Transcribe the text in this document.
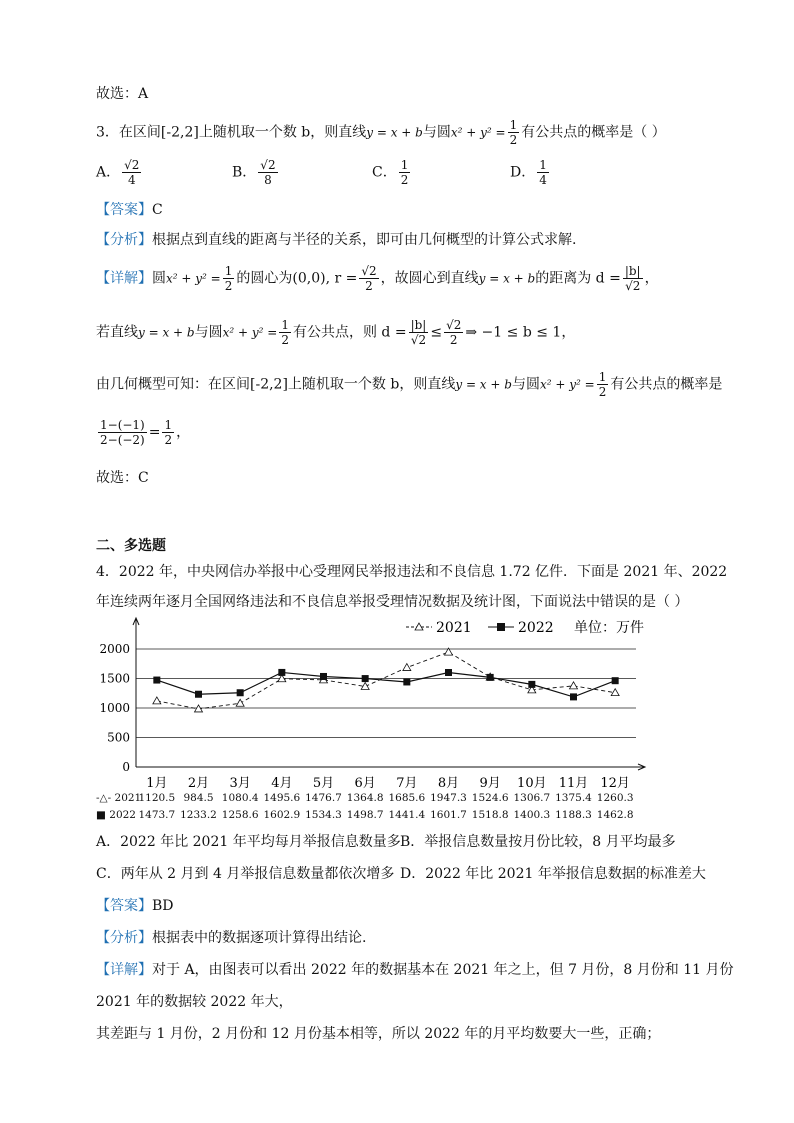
故选：A
3．在区间[-2,2]上随机取一个数 b，则直线y = x + b与圆$x^2 + y^2 = \frac{1}{2}$ 有公共点的概率是（ ）
A． $\frac{√2}{4}$	B． $\frac{√2}{8}$	C． $\frac{1}{2}$	D． $\frac{1}{4}$
【答案】C
【分析】根据点到直线的距离与半径的关系，即可由几何概型的计算公式求解.
【详解】圆$x^2 + y^2 = \frac{1}{2}$ 的圆心为(0,0), $r = \frac{√2}{2}$ ，故圆心到直线y = x + b的距离为 $d = \frac{|b|}{√2}$ ，
若直线y = x + b与圆$x^2 + y^2 = \frac{1}{2}$ 有公共点，则 $d = \frac{|b|}{√2} \le \frac{√2}{2}$ ⇒ −1 ≤ b ≤ 1，
由几何概型可知：在区间[-2,2]上随机取一个数 b，则直线y = x + b与圆$x^2 + y^2 = \frac{1}{2}$ 有公共点的概率是
$\frac{1-(-1)}{2-(-2)} = \frac{1}{2}$ ，
故选：C
二、多选题
4．2022 年，中央网信办举报中心受理网民举报违法和不良信息 1.72 亿件．下面是 2021 年、2022
年连续两年逐月全国网络违法和不良信息举报受理情况数据及统计图，下面说法中错误的是（ ）
0
500
1000
1500
2000
1月 2月 3月 4月 5月 6月 7月 8月 9月 10月 11月 12月
2021	2022 单位：万件
A．2022 年比 2021 年平均每月举报信息数量多 B．举报信息数量按月份比较，8 月平均最多
C．两年从 2 月到 4 月举报信息数量都依次增多 D．2022 年比 2021 年举报信息数据的标准差大
【答案】BD
【分析】根据表中的数据逐项计算得出结论.
【详解】对于 A，由图表可以看出 2022 年的数据基本在 2021 年之上，但 7 月份，8 月份和 11 月份
2021 年的数据较 2022 年大，
其差距与 1 月份，2 月份和 12 月份基本相等，所以 2022 年的月平均数要大一些，正确；
-△- 2021
1120.5 984.5 1080.4 1495.6 1476.7 1364.8 1685.6 1947.3 1524.6 1306.7 1375.4 1260.3
■ 2022 1473.7 1233.2 1258.6 1602.9 1534.3 1498.7 1441.4 1601.7 1518.8 1400.3 1188.3 1462.8
